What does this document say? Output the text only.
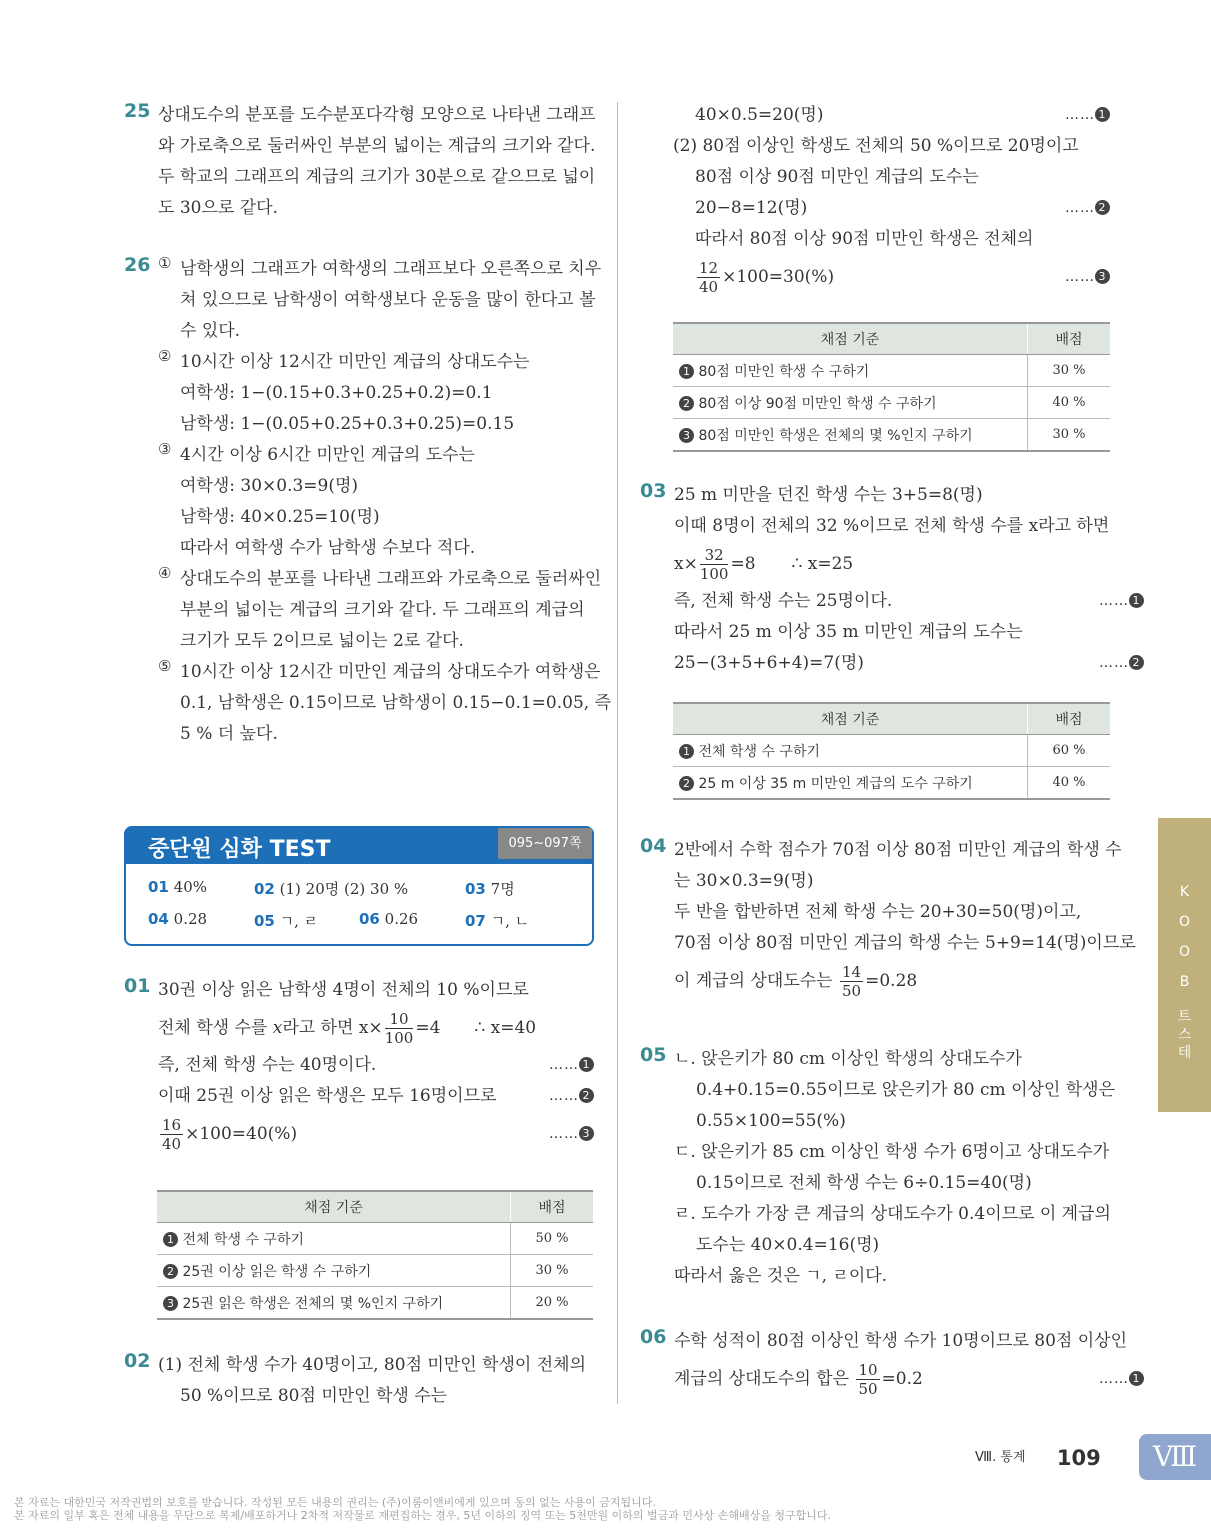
25 상대도수의 분포를 도수분포다각형 모양으로 나타낸 그래프
와 가로축으로 둘러싸인 부분의 넓이는 계급의 크기와 같다.
두 학교의 그래프의 계급의 크기가 30분으로 같으므로 넓이
도 30으로 같다.
26 ① 남학생의 그래프가 여학생의 그래프보다 오른쪽으로 치우
쳐 있으므로 남학생이 여학생보다 운동을 많이 한다고 볼
수 있다.
② 10시간 이상 12시간 미만인 계급의 상대도수는
여학생: 1−(0.15+0.3+0.25+0.2)=0.1
남학생: 1−(0.05+0.25+0.3+0.25)=0.15
③ 4시간 이상 6시간 미만인 계급의 도수는
여학생: 30×0.3=9(명)
남학생: 40×0.25=10(명)
따라서 여학생 수가 남학생 수보다 적다.
④ 상대도수의 분포를 나타낸 그래프와 가로축으로 둘러싸인
부분의 넓이는 계급의 크기와 같다. 두 그래프의 계급의
크기가 모두 2이므로 넓이는 2로 같다.
⑤ 10시간 이상 12시간 미만인 계급의 상대도수가 여학생은
0.1, 남학생은 0.15이므로 남학생이 0.15−0.1=0.05, 즉
5 % 더 높다.
중단원 심화 TEST	095~097쪽
01 40%	02 (1) 20명 (2) 30 %	03 7명
04 0.28	05 ㄱ, ㄹ	06 0.26	07 ㄱ, ㄴ
01 30권 이상 읽은 남학생 4명이 전체의 10 %이므로
전체 학생 수를 x라고 하면 $x\times \frac{10}{100} =4$ ∴ x=40
즉, 전체 학생 수는 40명이다.	…… 1
이때 25권 이상 읽은 학생은 모두 16명이므로	…… 2
$\frac{16}{40} \times 100=40(\%)$	…… 3
채점 기준	배점
1 전체 학생 수 구하기	50 %
2 25권 이상 읽은 학생 수 구하기	30 %
3 25권 읽은 학생은 전체의 몇 %인지 구하기	20 %
02 (1) 전체 학생 수가 40명이고, 80점 미만인 학생이 전체의
50 %이므로 80점 미만인 학생 수는
40×0.5=20(명)	…… 1
(2) 80점 이상인 학생도 전체의 50 %이므로 20명이고
80점 이상 90점 미만인 계급의 도수는
20−8=12(명)	…… 2
따라서 80점 이상 90점 미만인 학생은 전체의
$\frac{12}{40} \times 100=30(\%)$	…… 3
채점 기준	배점
1 80점 미만인 학생 수 구하기	30 %
2 80점 이상 90점 미만인 학생 수 구하기	40 %
3 80점 미만인 학생은 전체의 몇 %인지 구하기	30 %
03 25 m 미만을 던진 학생 수는 3+5=8(명)
이때 8명이 전체의 32 %이므로 전체 학생 수를 x라고 하면
$x\times \frac{32}{100} =8$ ∴ x=25
즉, 전체 학생 수는 25명이다.	…… 1
따라서 25 m 이상 35 m 미만인 계급의 도수는
25−(3+5+6+4)=7(명)	…… 2
채점 기준	배점
1 전체 학생 수 구하기	60 %
2 25 m 이상 35 m 미만인 계급의 도수 구하기	40 %
04 2반에서 수학 점수가 70점 이상 80점 미만인 계급의 학생 수
는 30×0.3=9(명)
두 반을 합반하면 전체 학생 수는 20+30=50(명)이고,
70점 이상 80점 미만인 계급의 학생 수는 5+9=14(명)이므로
이 계급의 상대도수는 $\frac{14}{50} =0.28$
05 ㄴ. 앉은키가 80 cm 이상인 학생의 상대도수가
0.4+0.15=0.55이므로 앉은키가 80 cm 이상인 학생은
0.55×100=55(%)
ㄷ. 앉은키가 85 cm 이상인 학생 수가 6명이고 상대도수가
0.15이므로 전체 학생 수는 6÷0.15=40(명)
ㄹ. 도수가 가장 큰 계급의 상대도수가 0.4이므로 이 계급의
도수는 40×0.4=16(명)
따라서 옳은 것은 ㄱ, ㄹ이다.
06 수학 성적이 80점 이상인 학생 수가 10명이므로 80점 이상인
계급의 상대도수의 합은 $\frac{10}{50} =0.2$	…… 1
K
O
O
B
트
스
테
$^{Ⅷ. 통계}$ 109	Ⅷ
본 자료는 대한민국 저작권법의 보호를 받습니다. 작성된 모든 내용의 권리는 (주)이룸이앤비에게 있으며 동의 없는 사용이 금지됩니다.
본 자료의 일부 혹은 전체 내용을 무단으로 복제/배포하거나 2차적 저작물로 재편집하는 경우, 5년 이하의 징역 또는 5천만원 이하의 벌금과 민사상 손해배상을 청구합니다.
